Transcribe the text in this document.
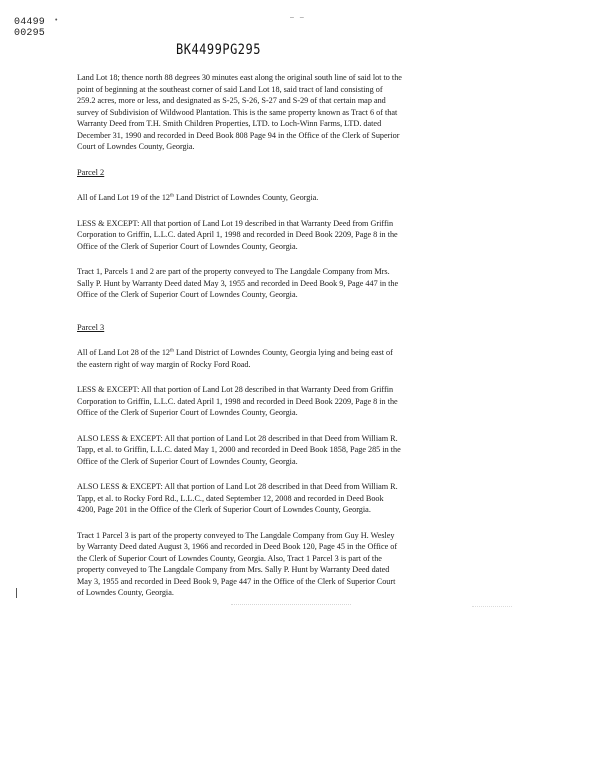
04499
00295
•	– –
BK4499PG295

Land Lot 18; thence north 88 degrees 30 minutes east along the original south line of said lot to the point of beginning at the southeast corner of said Land Lot 18, said tract of land consisting of 259.2 acres, more or less, and designated as S-25, S-26, S-27 and S-29 of that certain map and survey of Subdivision of Wildwood Plantation. This is the same property known as Tract 6 of that Warranty Deed from T.H. Smith Children Properties, LTD. to Loch-Winn Farms, LTD. dated December 31, 1990 and recorded in Deed Book 808 Page 94 in the Office of the Clerk of Superior Court of Lowndes County, Georgia.

Parcel 2

All of Land Lot 19 of the 12th Land District of Lowndes County, Georgia.

LESS & EXCEPT: All that portion of Land Lot 19 described in that Warranty Deed from Griffin Corporation to Griffin, L.L.C. dated April 1, 1998 and recorded in Deed Book 2209, Page 8 in the Office of the Clerk of Superior Court of Lowndes County, Georgia.

Tract 1, Parcels 1 and 2 are part of the property conveyed to The Langdale Company from Mrs. Sally P. Hunt by Warranty Deed dated May 3, 1955 and recorded in Deed Book 9, Page 447 in the Office of the Clerk of Superior Court of Lowndes County, Georgia.

Parcel 3

All of Land Lot 28 of the 12th Land District of Lowndes County, Georgia lying and being east of the eastern right of way margin of Rocky Ford Road.

LESS & EXCEPT: All that portion of Land Lot 28 described in that Warranty Deed from Griffin Corporation to Griffin, L.L.C. dated April 1, 1998 and recorded in Deed Book 2209, Page 8 in the Office of the Clerk of Superior Court of Lowndes County, Georgia.

ALSO LESS & EXCEPT: All that portion of Land Lot 28 described in that Deed from William R. Tapp, et al. to Griffin, L.L.C. dated May 1, 2000 and recorded in Deed Book 1858, Page 285 in the Office of the Clerk of Superior Court of Lowndes County, Georgia.

ALSO LESS & EXCEPT: All that portion of Land Lot 28 described in that Deed from William R. Tapp, et al. to Rocky Ford Rd., L.L.C., dated September 12, 2008 and recorded in Deed Book 4200, Page 201 in the Office of the Clerk of Superior Court of Lowndes County, Georgia.

Tract 1 Parcel 3 is part of the property conveyed to The Langdale Company from Guy H. Wesley by Warranty Deed dated August 3, 1966 and recorded in Deed Book 120, Page 45 in the Office of the Clerk of Superior Court of Lowndes County, Georgia. Also, Tract 1 Parcel 3 is part of the property conveyed to The Langdale Company from Mrs. Sally P. Hunt by Warranty Deed dated May 3, 1955 and recorded in Deed Book 9, Page 447 in the Office of the Clerk of Superior Court of Lowndes County, Georgia.
